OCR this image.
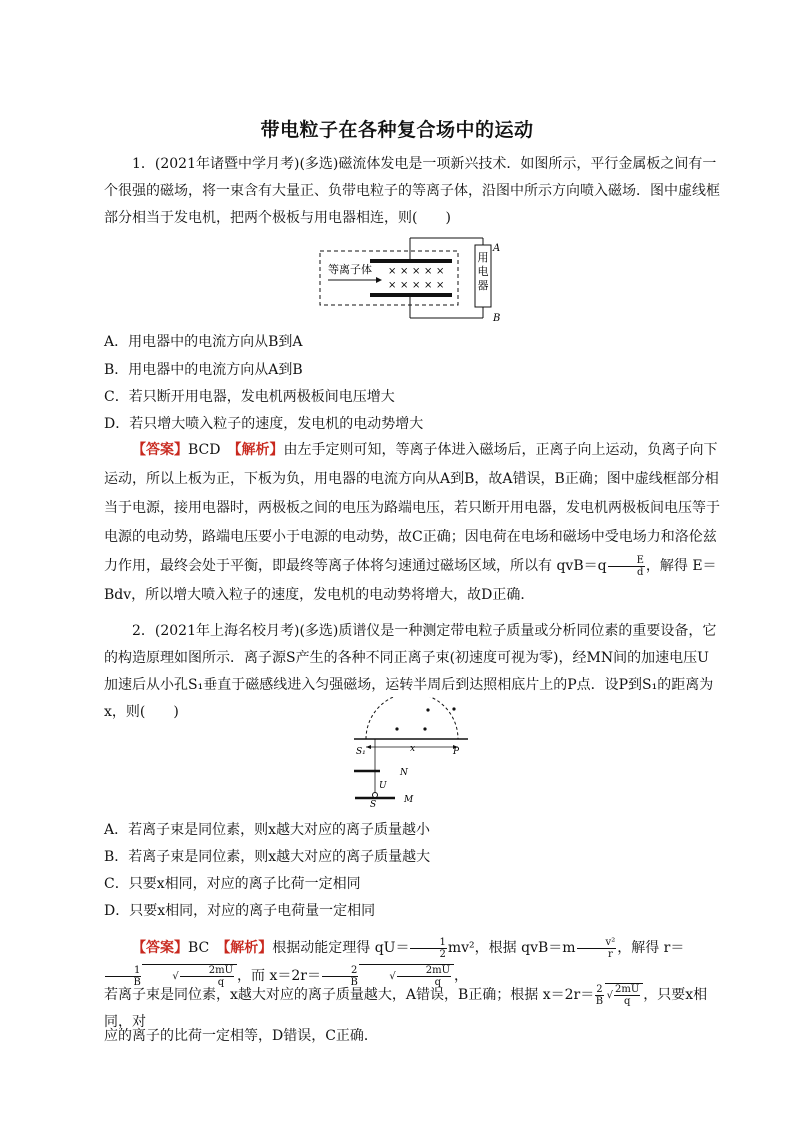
带电粒子在各种复合场中的运动
1．(2021年诸暨中学月考)(多选)磁流体发电是一项新兴技术．如图所示，平行金属板之间有一个很强的磁场，将一束含有大量正、负带电粒子的等离子体，沿图中所示方向喷入磁场．图中虚线框部分相当于发电机，把两个极板与用电器相连，则(　　)
用
电
器
A
B
等离子体 × × × × ×
× × × × ×
A．用电器中的电流方向从B到A
B．用电器中的电流方向从A到B
C．若只断开用电器，发电机两极板间电压增大
D．若只增大喷入粒子的速度，发电机的电动势增大
【答案】BCD　 【解析】由左手定则可知，等离子体进入磁场后，正离子向上运动，负离子向下运动，所以上板为正，下板为负，用电器的电流方向从A到B，故A错误，B正确；图中虚线框部分相当于电源，接用电器时，两极板之间的电压为路端电压，若只断开用电器，发电机两极板间电压等于电源的电动势，路端电压要小于电源的电动势，故C正确；因电荷在电场和磁场中受电场力和洛伦兹力作用，最终会处于平衡，即最终等离子体将匀速通过磁场区域，所以有 $qvB=q \frac{E}{d}$ ，解得 E＝Bdv，所以增大喷入粒子的速度，发电机的电动势将增大，故D正确．
2．(2021年上海名校月考)(多选)质谱仪是一种测定带电粒子质量或分析同位素的重要设备，它的构造原理如图所示．离子源S产生的各种不同正离子束(初速度可视为零)，经MN间的加速电压U加速后从小孔S₁垂直于磁感线进入匀强磁场，运转半周后到达照相底片上的P点．设P到S₁的距离为x，则(　　)
S₁	x	P
N
U
S	M
A．若离子束是同位素，则x越大对应的离子质量越小
B．若离子束是同位素，则x越大对应的离子质量越大
C．只要x相同，对应的离子比荷一定相同
D．只要x相同，对应的离子电荷量一定相同
【答案】BC　 【解析】根据动能定理得 $qU= \frac{1}{2} mv^2$，根据 $qvB=m \frac{\text{v²}}{r}$ ，解得 r＝
$\frac{1}{B}$	√ $\frac{2mU}{q}$ ，而 $x=2r= \frac{2}{B}$	√ $\frac{2mU}{q}$ ，
若离子束是同位素，x越大对应的离子质量越大，A错误，B正确；根据 $x=2r= \frac{2}{B}$ √ $\frac{2mU}{q}$ ，只要x相同，对
应的离子的比荷一定相等，D错误，C正确．
